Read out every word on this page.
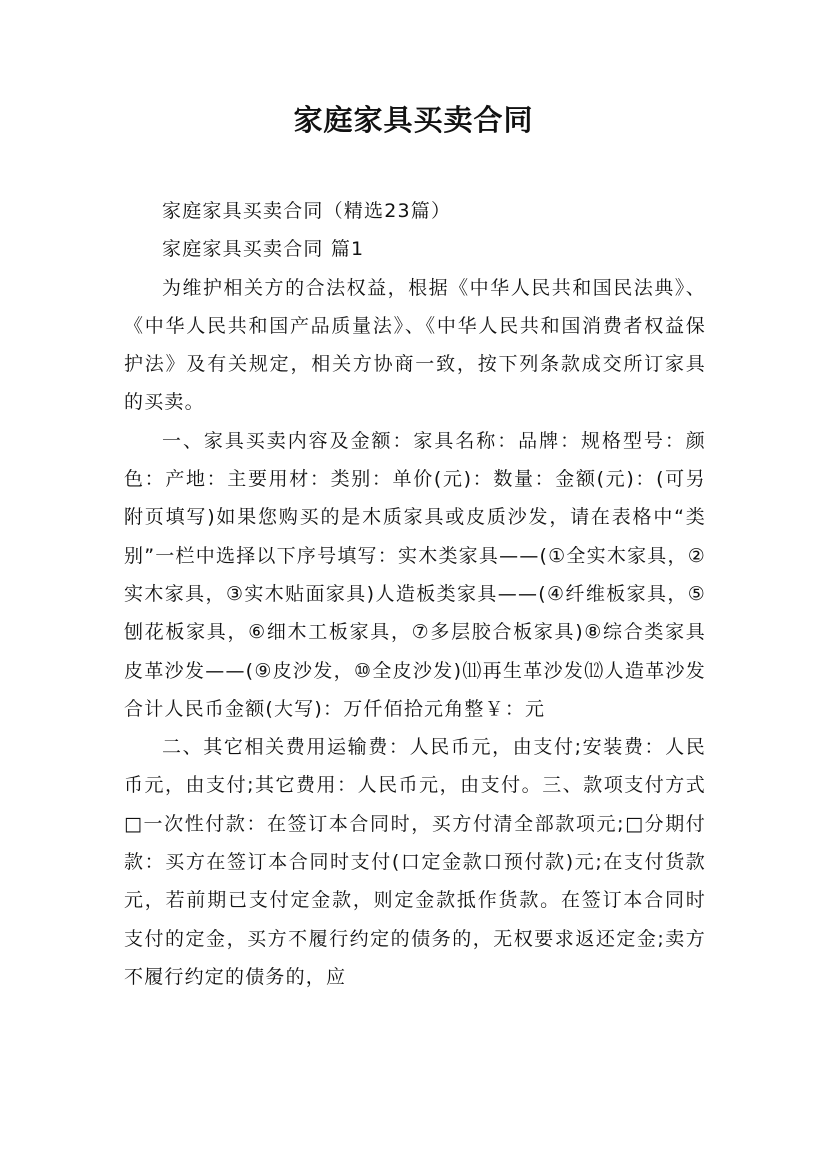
家庭家具买卖合同

家庭家具买卖合同（精选23篇）

家庭家具买卖合同 篇1

为维护相关方的合法权益，根据《中华人民共和国民法典》、《中华人民共和国产品质量法》、《中华人民共和国消费者权益保护法》及有关规定，相关方协商一致，按下列条款成交所订家具的买卖。

一、家具买卖内容及金额：家具名称：品牌：规格型号：颜色：产地：主要用材：类别：单价(元)：数量：金额(元)：(可另附页填写)如果您购买的是木质家具或皮质沙发，请在表格中“类别”一栏中选择以下序号填写：实木类家具——(①全实木家具，②实木家具，③实木贴面家具)人造板类家具——(④纤维板家具，⑤刨花板家具，⑥细木工板家具，⑦多层胶合板家具)⑧综合类家具皮革沙发——(⑨皮沙发，⑩全皮沙发)⑾再生革沙发⑿人造革沙发合计人民币金额(大写)：万仟佰拾元角整￥：元

二、其它相关费用运输费：人民币元，由支付;安装费：人民币元，由支付;其它费用：人民币元，由支付。三、款项支付方式□一次性付款：在签订本合同时，买方付清全部款项元;□分期付款：买方在签订本合同时支付(口定金款口预付款)元;在支付货款元，若前期已支付定金款，则定金款抵作货款。在签订本合同时支付的定金，买方不履行约定的债务的，无权要求返还定金;卖方不履行约定的债务的，应
